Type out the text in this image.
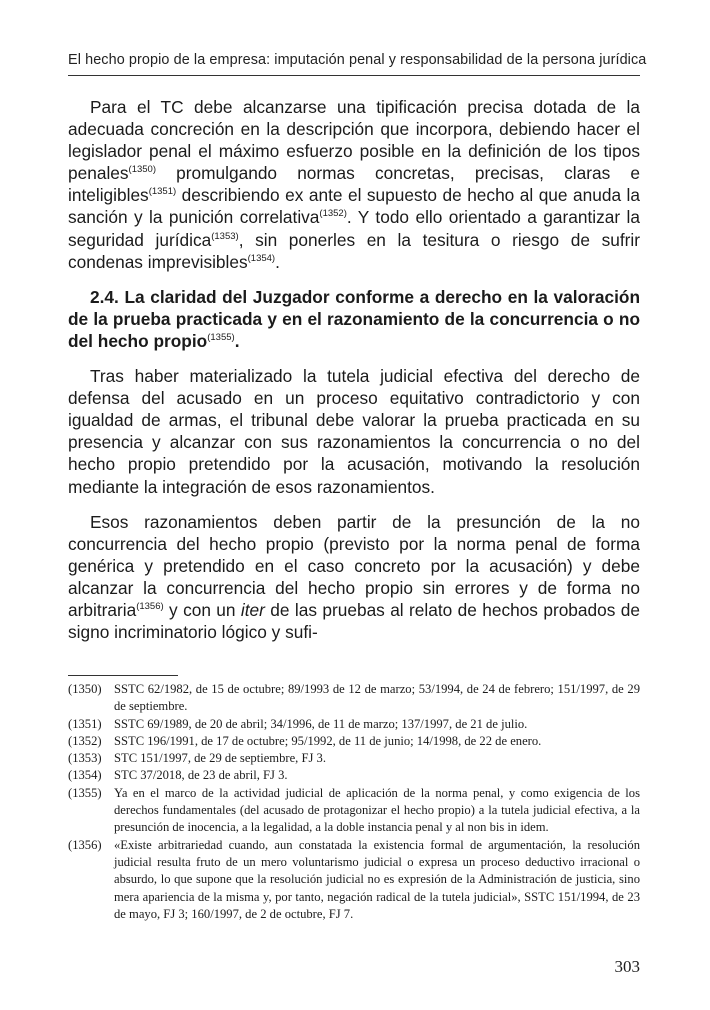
El hecho propio de la empresa: imputación penal y responsabilidad de la persona jurídica

Para el TC debe alcanzarse una tipificación precisa dotada de la adecuada concreción en la descripción que incorpora, debiendo hacer el legislador penal el máximo esfuerzo posible en la definición de los tipos penales$^{(1350)}$ promulgando normas concretas, precisas, claras e inteligibles$^{(1351)}$ describiendo ex ante el supuesto de hecho al que anuda la sanción y la punición correlativa$^{(1352)}$. Y todo ello orientado a garantizar la seguridad jurídica$^{(1353)}$, sin ponerles en la tesitura o riesgo de sufrir condenas imprevisibles$^{(1354)}$.

2.4. La claridad del Juzgador conforme a derecho en la valoración de la prueba practicada y en el razonamiento de la concurrencia o no del hecho propio$^{(1355)}$.

Tras haber materializado la tutela judicial efectiva del derecho de defensa del acusado en un proceso equitativo contradictorio y con igualdad de armas, el tribunal debe valorar la prueba practicada en su presencia y alcanzar con sus razonamientos la concurrencia o no del hecho propio pretendido por la acusación, motivando la resolución mediante la integración de esos razonamientos.

Esos razonamientos deben partir de la presunción de la no concurrencia del hecho propio (previsto por la norma penal de forma genérica y pretendido en el caso concreto por la acusación) y debe alcanzar la concurrencia del hecho propio sin errores y de forma no arbitraria$^{(1356)}$ y con un iter de las pruebas al relato de hechos probados de signo incriminatorio lógico y sufi-

(1350) SSTC 62/1982, de 15 de octubre; 89/1993 de 12 de marzo; 53/1994, de 24 de febrero; 151/1997, de 29 de septiembre.
(1351) SSTC 69/1989, de 20 de abril; 34/1996, de 11 de marzo; 137/1997, de 21 de julio.
(1352) SSTC 196/1991, de 17 de octubre; 95/1992, de 11 de junio; 14/1998, de 22 de enero.
(1353) STC 151/1997, de 29 de septiembre, FJ 3.
(1354) STC 37/2018, de 23 de abril, FJ 3.
(1355) Ya en el marco de la actividad judicial de aplicación de la norma penal, y como exigencia de los derechos fundamentales (del acusado de protagonizar el hecho propio) a la tutela judicial efectiva, a la presunción de inocencia, a la legalidad, a la doble instancia penal y al non bis in idem.
(1356) «Existe arbitrariedad cuando, aun constatada la existencia formal de argumentación, la resolución judicial resulta fruto de un mero voluntarismo judicial o expresa un proceso deductivo irracional o absurdo, lo que supone que la resolución judicial no es expresión de la Administración de justicia, sino mera apariencia de la misma y, por tanto, negación radical de la tutela judicial», SSTC 151/1994, de 23 de mayo, FJ 3; 160/1997, de 2 de octubre, FJ 7.
303
